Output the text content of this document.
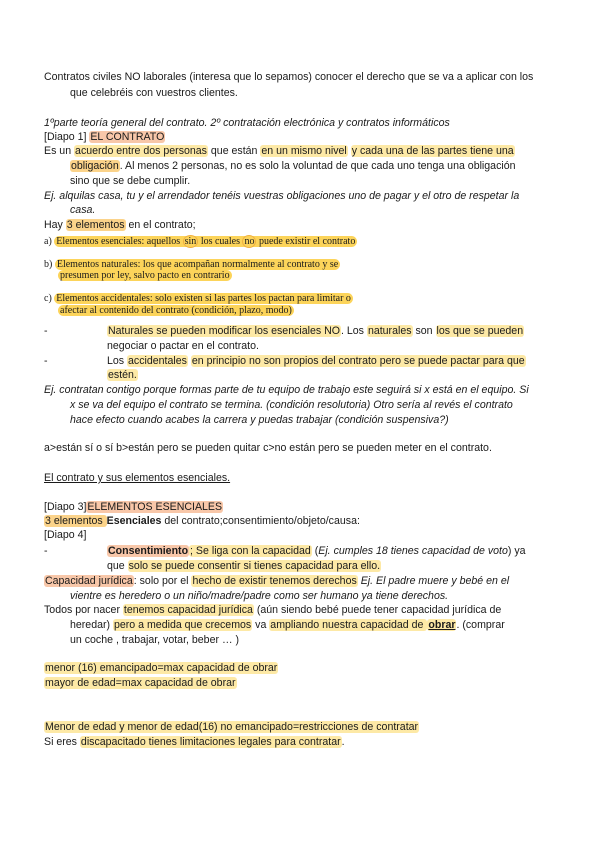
Contratos civiles NO laborales (interesa que lo sepamos) conocer el derecho que se va a aplicar con los
que celebréis con vuestros clientes.
1ºparte teoría general del contrato. 2º contratación electrónica y contratos informáticos
[Diapo 1] EL CONTRATO
Es un acuerdo entre dos personas que están en un mismo nivel y cada una de las partes tiene una
obligación. Al menos 2 personas, no es solo la voluntad de que cada uno tenga una obligación
sino que se debe cumplir.
Ej. alquilas casa, tu y el arrendador tenéis vuestras obligaciones uno de pagar y el otro de respetar la
casa.
Hay 3 elementos en el contrato;
a) Elementos esenciales: aquellos sin los cuales no puede existir el contrato
b) Elementos naturales: los que acompañan normalmente al contrato y se
presumen por ley, salvo pacto en contrario
c) Elementos accidentales: solo existen si las partes los pactan para limitar o
afectar al contenido del contrato (condición, plazo, modo)
-	Naturales se pueden modificar los esenciales NO. Los naturales son los que se pueden
negociar o pactar en el contrato.
-	Los accidentales en principio no son propios del contrato pero se puede pactar para que
estén.
Ej. contratan contigo porque formas parte de tu equipo de trabajo este seguirá si x está en el equipo. Si
x se va del equipo el contrato se termina. (condición resolutoria) Otro sería al revés el contrato
hace efecto cuando acabes la carrera y puedas trabajar (condición suspensiva?)
a>están sí o sí b>están pero se pueden quitar c>no están pero se pueden meter en el contrato.
El contrato y sus elementos esenciales.
[Diapo 3]ELEMENTOS ESENCIALES
3 elementos Esenciales del contrato;consentimiento/objeto/causa:
[Diapo 4]
-	Consentimiento ; Se liga con la capacidad (Ej. cumples 18 tienes capacidad de voto) ya
que solo se puede consentir si tienes capacidad para ello.
Capacidad jurídica: solo por el hecho de existir tenemos derechos Ej. El padre muere y bebé en el
vientre es heredero o un niño/madre/padre como ser humano ya tiene derechos.
Todos por nacer tenemos capacidad jurídica (aún siendo bebé puede tener capacidad jurídica de
heredar) pero a medida que crecemos va ampliando nuestra capacidad de obrar. (comprar
un coche , trabajar, votar, beber … )
menor (16) emancipado=max capacidad de obrar
mayor de edad=max capacidad de obrar
Menor de edad y menor de edad(16) no emancipado=restricciones de contratar
Si eres discapacitado tienes limitaciones legales para contratar.
